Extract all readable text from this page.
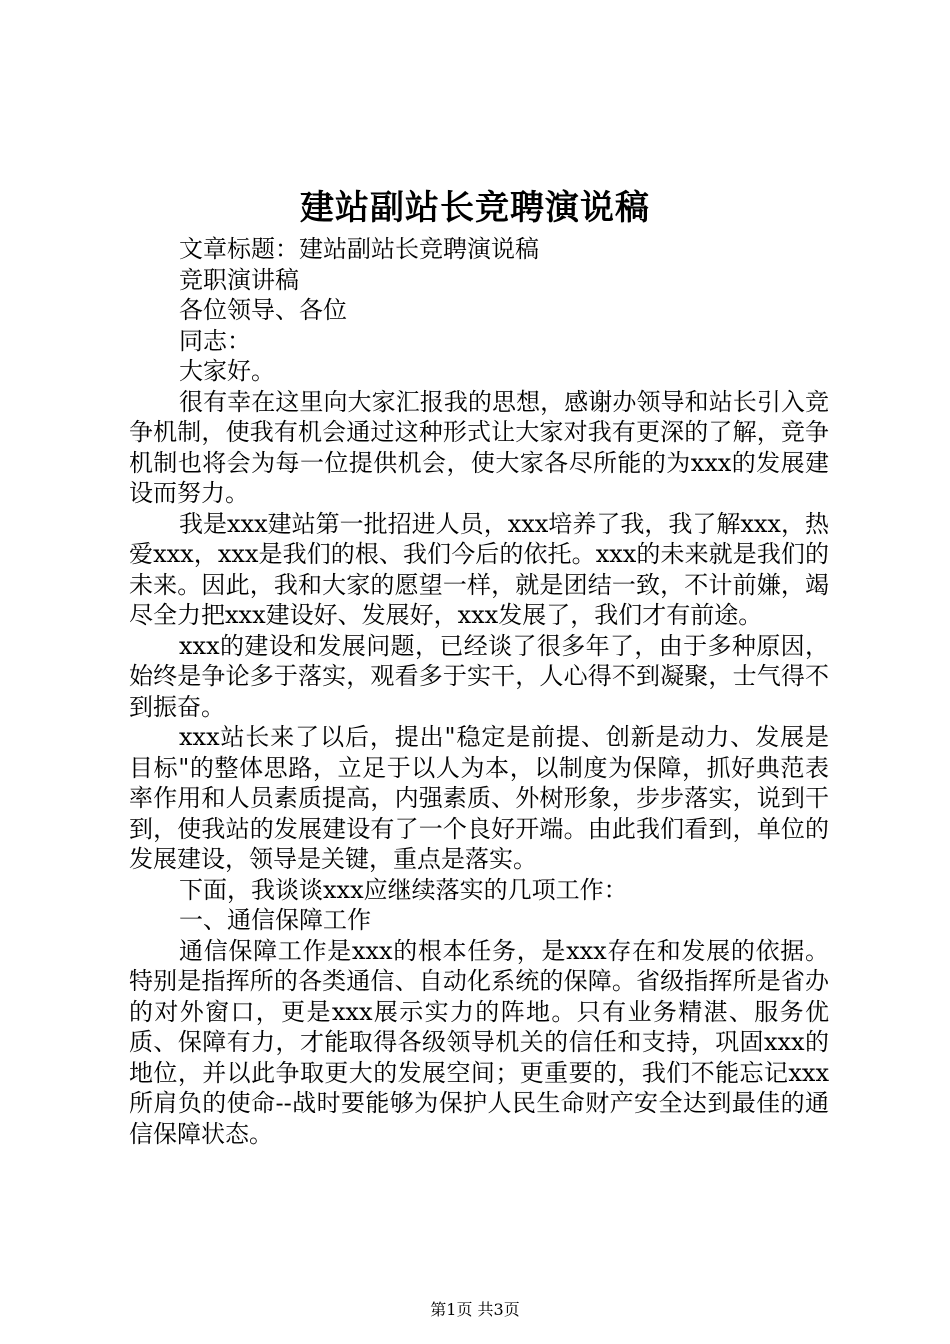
建站副站长竞聘演说稿

文章标题：建站副站长竞聘演说稿

竞职演讲稿

各位领导、各位

同志：

大家好。

很有幸在这里向大家汇报我的思想，感谢办领导和站长引入竞争机制，使我有机会通过这种形式让大家对我有更深的了解，竞争机制也将会为每一位提供机会，使大家各尽所能的为xxx的发展建设而努力。

我是xxx建站第一批招进人员，xxx培养了我，我了解xxx，热爱xxx，xxx是我们的根、我们今后的依托。xxx的未来就是我们的未来。因此，我和大家的愿望一样，就是团结一致，不计前嫌，竭尽全力把xxx建设好、发展好，xxx发展了，我们才有前途。

xxx的建设和发展问题，已经谈了很多年了，由于多种原因，始终是争论多于落实，观看多于实干，人心得不到凝聚，士气得不到振奋。

xxx站长来了以后，提出"稳定是前提、创新是动力、发展是目标"的整体思路，立足于以人为本，以制度为保障，抓好典范表率作用和人员素质提高，内强素质、外树形象，步步落实，说到干到，使我站的发展建设有了一个良好开端。由此我们看到，单位的发展建设，领导是关键，重点是落实。

下面，我谈谈xxx应继续落实的几项工作：

一、通信保障工作

通信保障工作是xxx的根本任务，是xxx存在和发展的依据。特别是指挥所的各类通信、自动化系统的保障。省级指挥所是省办的对外窗口，更是xxx展示实力的阵地。只有业务精湛、服务优质、保障有力，才能取得各级领导机关的信任和支持，巩固xxx的地位，并以此争取更大的发展空间；更重要的，我们不能忘记xxx所肩负的使命--战时要能够为保护人民生命财产安全达到最佳的通信保障状态。

第1页 共3页
